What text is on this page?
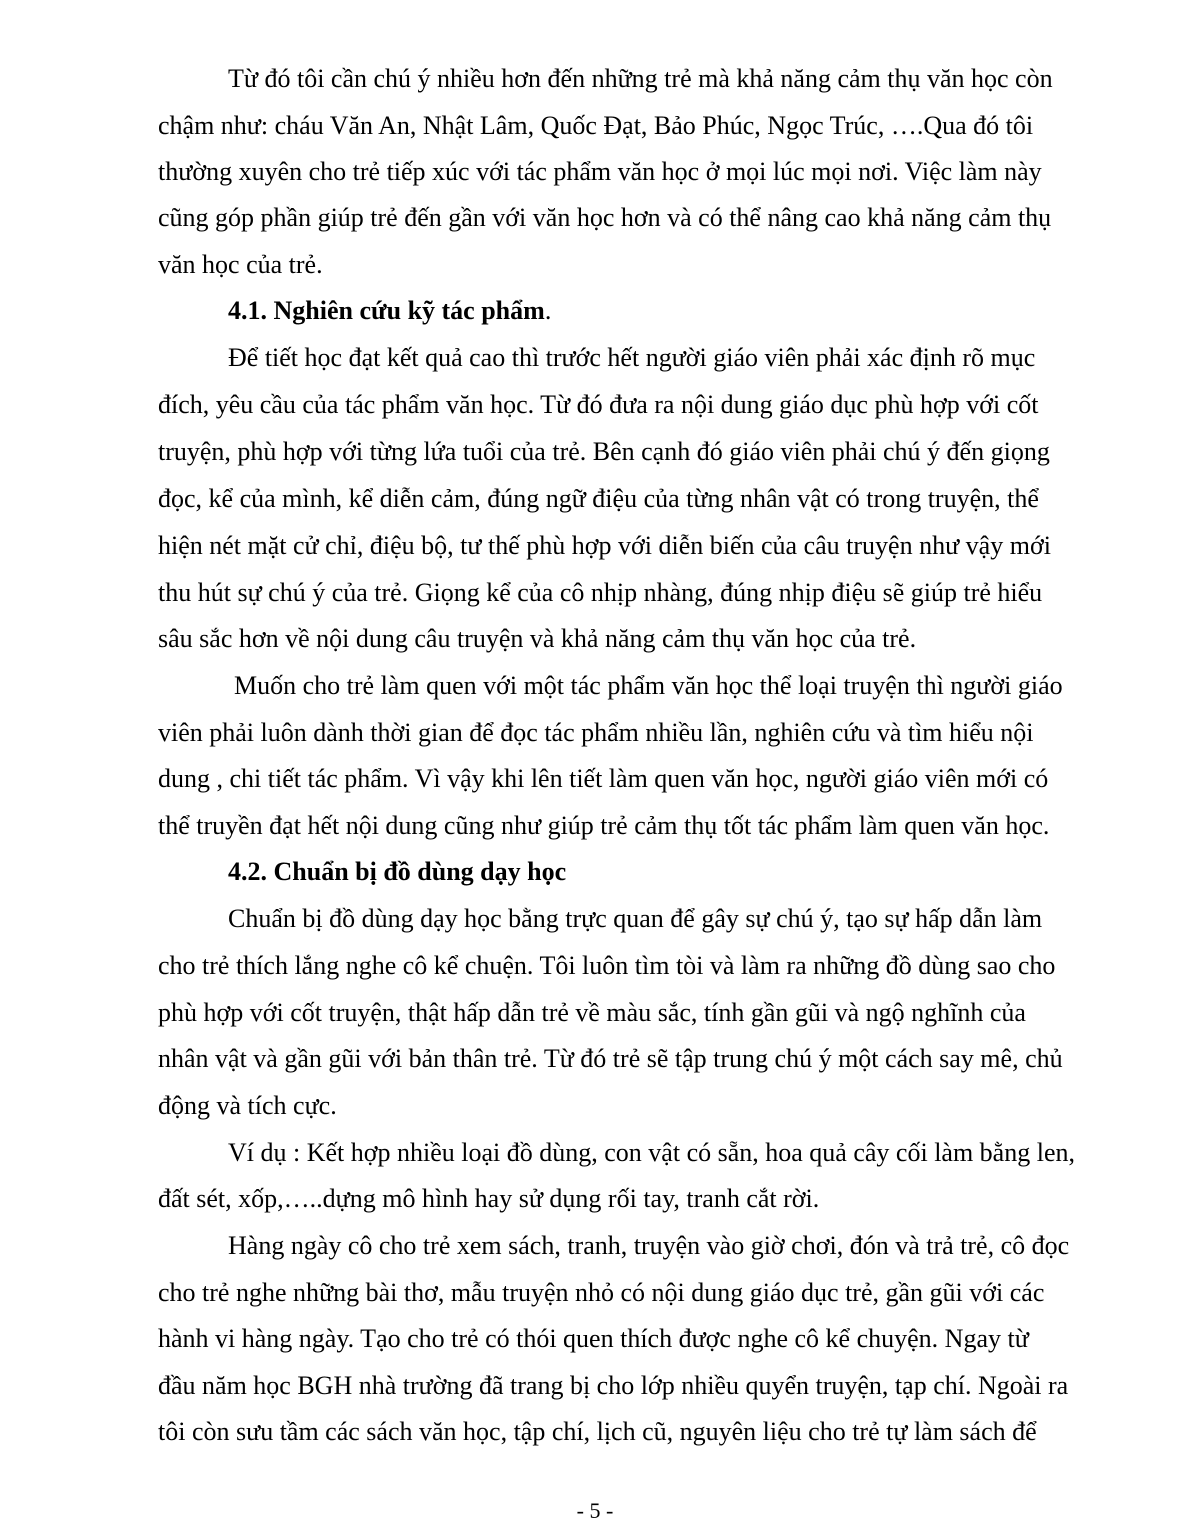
Từ đó tôi cần chú ý nhiều hơn đến những trẻ mà khả năng cảm thụ văn học còn
chậm như: cháu Văn An, Nhật Lâm, Quốc Đạt, Bảo Phúc, Ngọc Trúc, ….Qua đó tôi
thường xuyên cho trẻ tiếp xúc với tác phẩm văn học ở mọi lúc mọi nơi. Việc làm này
cũng góp phần giúp trẻ đến gần với văn học hơn và có thể nâng cao khả năng cảm thụ
văn học của trẻ.
4.1. Nghiên cứu kỹ tác phẩm.
Để tiết học đạt kết quả cao thì trước hết người giáo viên phải xác định rõ mục
đích, yêu cầu của tác phẩm văn học. Từ đó đưa ra nội dung giáo dục phù hợp với cốt
truyện, phù hợp với từng lứa tuổi của trẻ. Bên cạnh đó giáo viên phải chú ý đến giọng
đọc, kể của mình, kể diễn cảm, đúng ngữ điệu của từng nhân vật có trong truyện, thể
hiện nét mặt cử chỉ, điệu bộ, tư thế phù hợp với diễn biến của câu truyện như vậy mới
thu hút sự chú ý của trẻ. Giọng kể của cô nhịp nhàng, đúng nhịp điệu sẽ giúp trẻ hiểu
sâu sắc hơn về nội dung câu truyện và khả năng cảm thụ văn học của trẻ.
Muốn cho trẻ làm quen với một tác phẩm văn học thể loại truyện thì người giáo
viên phải luôn dành thời gian để đọc tác phẩm nhiều lần, nghiên cứu và tìm hiểu nội
dung , chi tiết tác phẩm. Vì vậy khi lên tiết làm quen văn học, người giáo viên mới có
thể truyền đạt hết nội dung cũng như giúp trẻ cảm thụ tốt tác phẩm làm quen văn học.
4.2. Chuẩn bị đồ dùng dạy học
Chuẩn bị đồ dùng dạy học bằng trực quan để gây sự chú ý, tạo sự hấp dẫn làm
cho trẻ thích lắng nghe cô kể chuện. Tôi luôn tìm tòi và làm ra những đồ dùng sao cho
phù hợp với cốt truyện, thật hấp dẫn trẻ về màu sắc, tính gần gũi và ngộ nghĩnh của
nhân vật và gần gũi với bản thân trẻ. Từ đó trẻ sẽ tập trung chú ý một cách say mê, chủ
động và tích cực.
Ví dụ : Kết hợp nhiều loại đồ dùng, con vật có sẵn, hoa quả cây cối làm bằng len,
đất sét, xốp,…..dựng mô hình hay sử dụng rối tay, tranh cắt rời.
Hàng ngày cô cho trẻ xem sách, tranh, truyện vào giờ chơi, đón và trả trẻ, cô đọc
cho trẻ nghe những bài thơ, mẫu truyện nhỏ có nội dung giáo dục trẻ, gần gũi với các
hành vi hàng ngày. Tạo cho trẻ có thói quen thích được nghe cô kể chuyện. Ngay từ
đầu năm học BGH nhà trường đã trang bị cho lớp nhiều quyển truyện, tạp chí. Ngoài ra
tôi còn sưu tầm các sách văn học, tập chí, lịch cũ, nguyên liệu cho trẻ tự làm sách để
- 5 -
